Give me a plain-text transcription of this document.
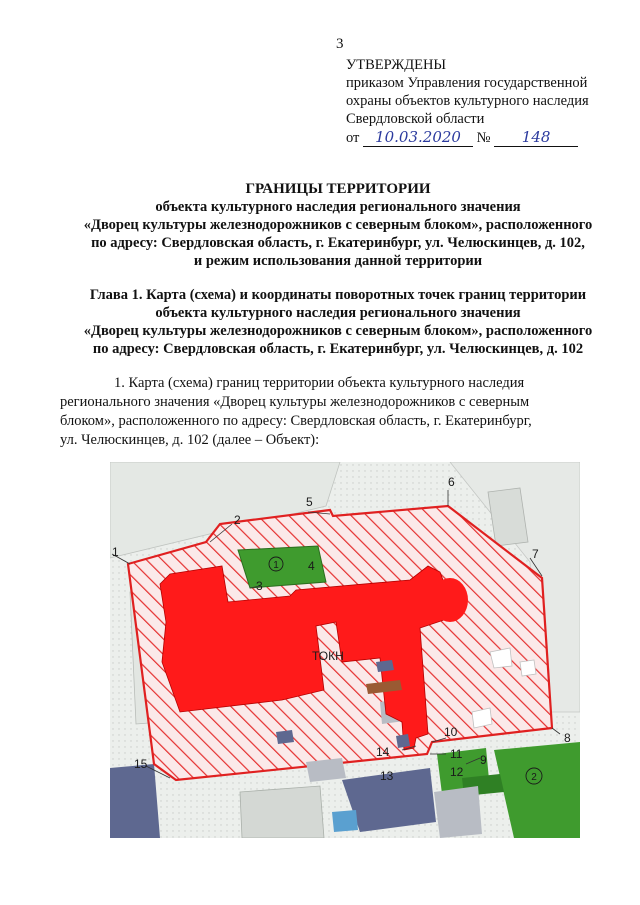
3
УТВЕРЖДЕНЫ
приказом Управления государственной
охраны объектов культурного наследия
Свердловской области
от 10.03.2020 № 148
ГРАНИЦЫ ТЕРРИТОРИИ
объекта культурного наследия регионального значения
«Дворец культуры железнодорожников с северным блоком», расположенного
по адресу: Свердловская область, г. Екатеринбург, ул. Челюскинцев, д. 102,
и режим использования данной территории
Глава 1. Карта (схема) и координаты поворотных точек границ территории
объекта культурного наследия регионального значения
«Дворец культуры железнодорожников с северным блоком», расположенного
по адресу: Свердловская область, г. Екатеринбург, ул. Челюскинцев, д. 102
1. Карта (схема) границ территории объекта культурного наследия
регионального значения «Дворец культуры железнодорожников с северным
блоком», расположенного по адресу: Свердловская область, г. Екатеринбург,
ул. Челюскинцев, д. 102 (далее – Объект):
1
2
ТОКН
1
2
3
4
5
6
7
8
9
10
11
12
13
14
15
